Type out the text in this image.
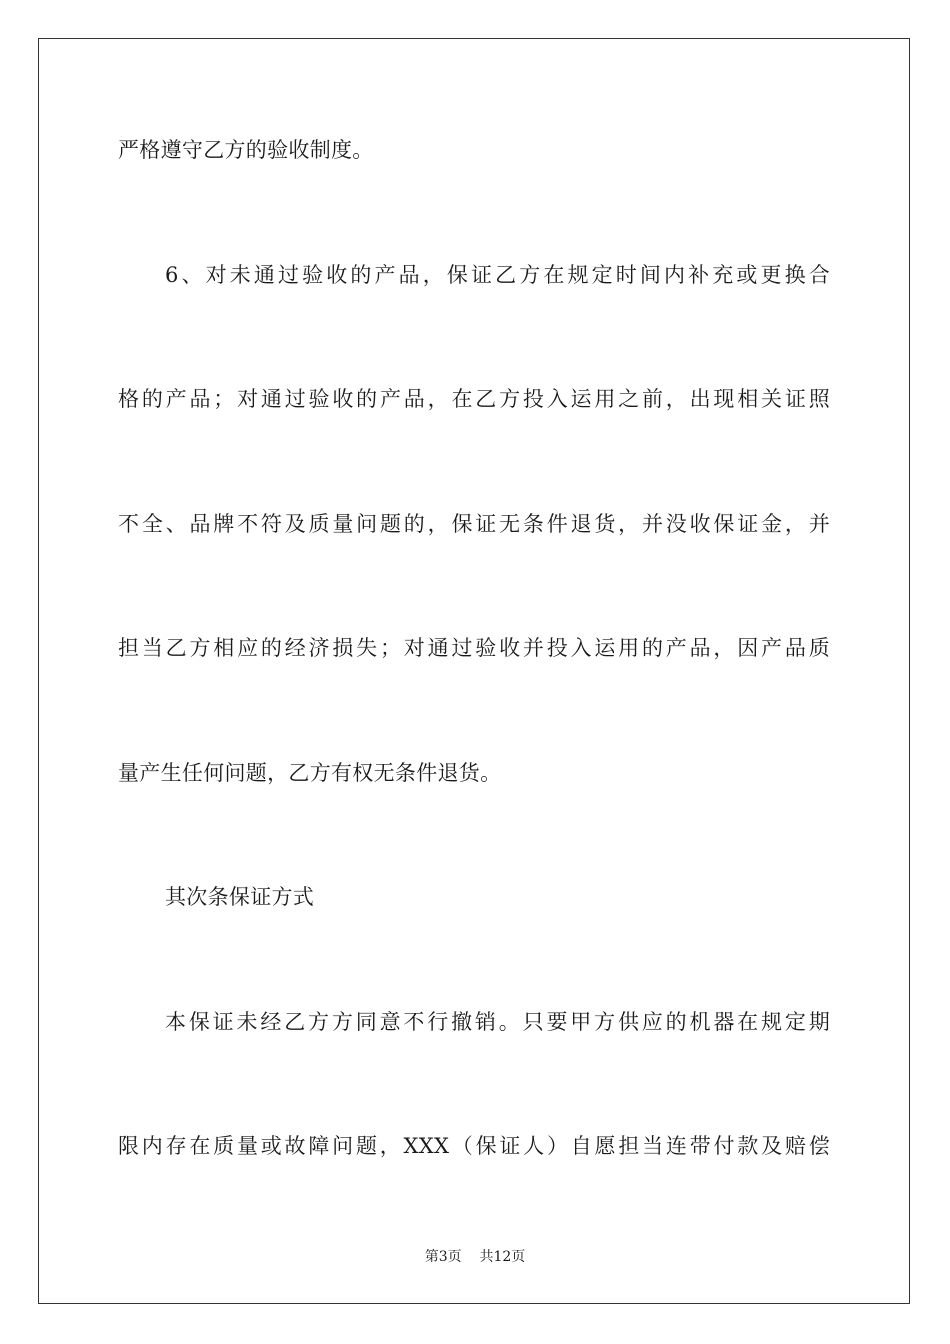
严格遵守乙方的验收制度。
6、对未通过验收的产品，保证乙方在规定时间内补充或更换合
格的产品；对通过验收的产品，在乙方投入运用之前，出现相关证照
不全、品牌不符及质量问题的，保证无条件退货，并没收保证金，并
担当乙方相应的经济损失；对通过验收并投入运用的产品，因产品质
量产生任何问题，乙方有权无条件退货。
其次条保证方式
本保证未经乙方方同意不行撤销。只要甲方供应的机器在规定期
限内存在质量或故障问题，XXX（保证人）自愿担当连带付款及赔偿
第3页 共12页
